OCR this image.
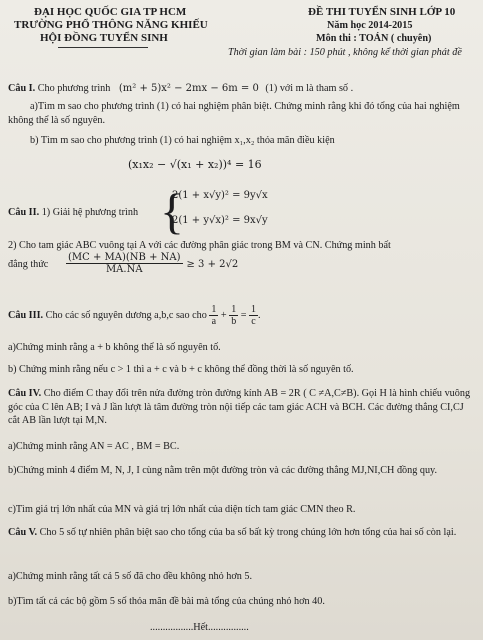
ĐẠI HỌC QUỐC GIA TP HCM
TRƯỜNG PHỔ THÔNG NĂNG KHIẾU
HỘI ĐỒNG TUYỂN SINH
ĐỀ THI TUYỂN SINH LỚP 10
Năm học 2014-2015
Môn thi : TOÁN ( chuyên)
Thời gian làm bài : 150 phút , không kể thời gian phát đề
Câu I. Cho phương trình (m² + 5)x² − 2mx − 6m = 0 (1) với m là tham số .
a)Tìm m sao cho phương trình (1) có hai nghiệm phân biệt. Chứng minh rằng khi đó tổng của hai nghiệm không thể là số nguyên.
b) Tìm m sao cho phương trình (1) có hai nghiệm x₁,x₂ thỏa mãn điều kiện
(x₁x₂ − √(x₁ + x₂))⁴ = 16
Câu II. 1) Giải hệ phương trình {
2(1 + x√y)² = 9y√x
2(1 + y√x)² = 9x√y
2) Cho tam giác ABC vuông tại A với các đường phân giác trong BM và CN. Chứng minh bất
đẳng thức $\frac{(MC + MA)(NB + NA)}{MA.NA} \ge 3 + 2√2$
Câu III. Cho các số nguyên dương a,b,c sao cho $\frac{1}{a} + \frac{1}{b} = \frac{1}{c}$ .
a)Chứng minh rằng a + b không thể là số nguyên tố.
b) Chứng minh rằng nếu c > 1 thì a + c và b + c không thể đồng thời là số nguyên tố.
Câu IV. Cho điểm C thay đổi trên nửa đường tròn đường kính AB = 2R ( C ≠A,C≠B). Gọi H là hình chiếu vuông góc của C lên AB; I và J lần lượt là tâm đường tròn nội tiếp các tam giác ACH và BCH. Các đường thẳng CI,CJ cắt AB lần lượt tại M,N.
a)Chứng minh rằng AN = AC , BM = BC.
b)Chứng minh 4 điểm M, N, J, I cùng nằm trên một đường tròn và các đường thẳng MJ,NI,CH đồng quy.
c)Tìm giá trị lớn nhất của MN và giá trị lớn nhất của diện tích tam giác CMN theo R.
Câu V. Cho 5 số tự nhiên phân biệt sao cho tổng của ba số bất kỳ trong chúng lớn hơn tổng của hai số còn lại.
a)Chứng minh rằng tất cả 5 số đã cho đều không nhỏ hơn 5.
b)Tìm tất cả các bộ gồm 5 số thỏa mãn đề bài mà tổng của chúng nhỏ hơn 40.
.................Hết................
